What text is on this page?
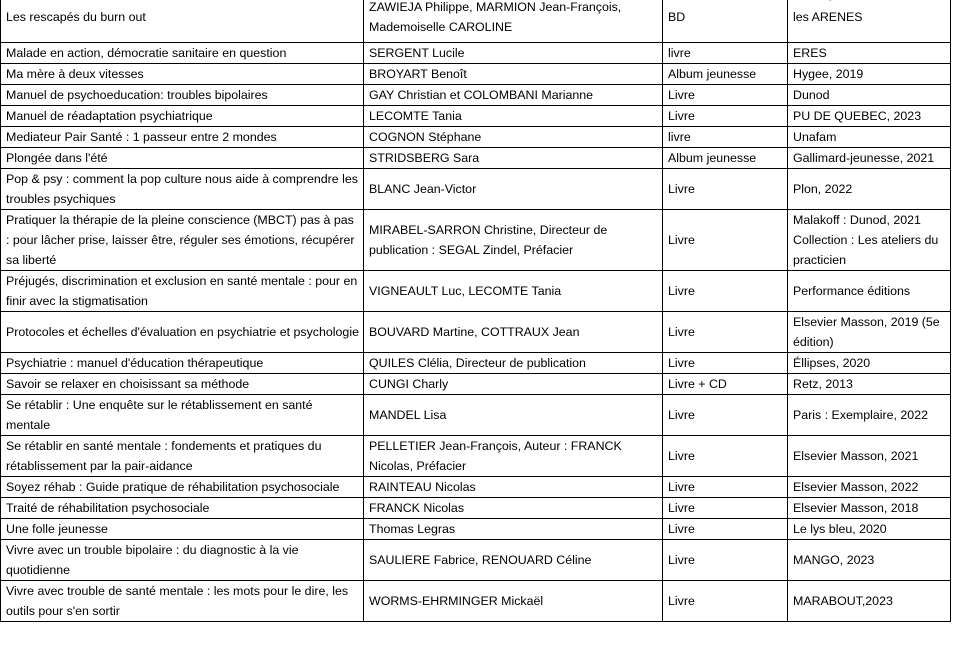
Les rescapés du burn out	ZAWIEJA Philippe, MARMION Jean-François, Mademoiselle CAROLINE	BD	les ARENES

Malade en action, démocratie sanitaire en question	SERGENT Lucile	livre	ERES
Ma mère à deux vitesses	BROYART Benoît	Album jeunesse	Hygee, 2019
Manuel de psychoeducation: troubles bipolaires	GAY Christian et COLOMBANI Marianne	Livre	Dunod
Manuel de réadaptation psychiatrique	LECOMTE Tania	Livre	PU DE QUEBEC, 2023
Mediateur Pair Santé : 1 passeur entre 2 mondes	COGNON Stéphane	livre	Unafam
Plongée dans l'été	STRIDSBERG Sara	Album jeunesse	Gallimard-jeunesse, 2021
Pop & psy : comment la pop culture nous aide à comprendre les troubles psychiques	BLANC Jean-Victor	Livre	Plon, 2022
Pratiquer la thérapie de la pleine conscience (MBCT) pas à pas : pour lâcher prise, laisser être, réguler ses émotions, récupérer sa liberté	MIRABEL-SARRON Christine, Directeur de publication : SEGAL Zindel, Préfacier	Livre	Malakoff : Dunod, 2021 Collection : Les ateliers du practicien
Préjugés, discrimination et exclusion en santé mentale : pour en finir avec la stigmatisation	VIGNEAULT Luc, LECOMTE Tania	Livre	Performance éditions
Protocoles et échelles d'évaluation en psychiatrie et psychologie	BOUVARD Martine, COTTRAUX Jean	Livre	Elsevier Masson, 2019 (5e édition)
Psychiatrie : manuel d'éducation thérapeutique	QUILES Clélia, Directeur de publication	Livre	Éllipses, 2020
Savoir se relaxer en choisissant sa méthode	CUNGI Charly	Livre + CD	Retz, 2013
Se rétablir : Une enquête sur le rétablissement en santé mentale	MANDEL Lisa	Livre	Paris : Exemplaire, 2022
Se rétablir en santé mentale : fondements et pratiques du rétablissement par la pair-aidance	PELLETIER Jean-François, Auteur : FRANCK Nicolas, Préfacier	Livre	Elsevier Masson, 2021
Soyez réhab : Guide pratique de réhabilitation psychosociale	RAINTEAU Nicolas	Livre	Elsevier Masson, 2022
Traité de réhabilitation psychosociale	FRANCK Nicolas	Livre	Elsevier Masson, 2018
Une folle jeunesse	Thomas Legras	Livre	Le lys bleu, 2020
Vivre avec un trouble bipolaire : du diagnostic à la vie quotidienne	SAULIERE Fabrice, RENOUARD Céline	Livre	MANGO, 2023
Vivre avec trouble de santé mentale : les mots pour le dire, les outils pour s'en sortir	WORMS-EHRMINGER Mickaël	Livre	MARABOUT,2023
